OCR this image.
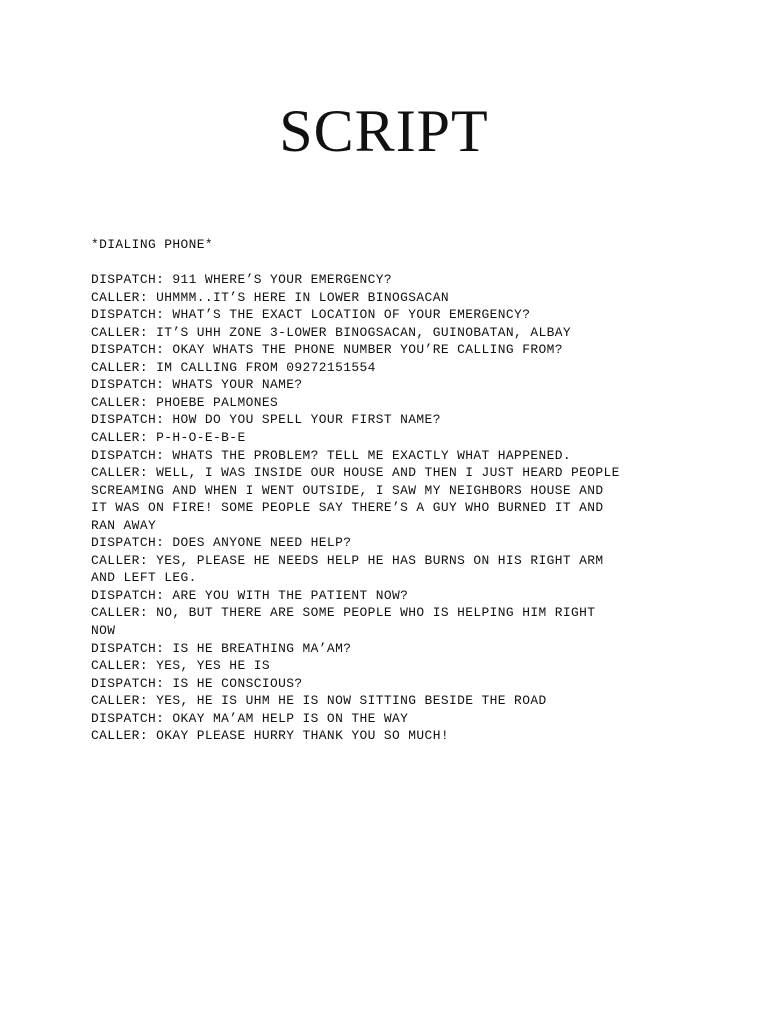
SCRIPT
*DIALING PHONE*
DISPATCH: 911 WHERE’S YOUR EMERGENCY?
CALLER: UHMMM..IT’S HERE IN LOWER BINOGSACAN
DISPATCH: WHAT’S THE EXACT LOCATION OF YOUR EMERGENCY?
CALLER: IT’S UHH ZONE 3-LOWER BINOGSACAN, GUINOBATAN, ALBAY
DISPATCH: OKAY WHATS THE PHONE NUMBER YOU’RE CALLING FROM?
CALLER: IM CALLING FROM 09272151554
DISPATCH: WHATS YOUR NAME?
CALLER: PHOEBE PALMONES
DISPATCH: HOW DO YOU SPELL YOUR FIRST NAME?
CALLER: P-H-O-E-B-E
DISPATCH: WHATS THE PROBLEM? TELL ME EXACTLY WHAT HAPPENED.
CALLER: WELL, I WAS INSIDE OUR HOUSE AND THEN I JUST HEARD PEOPLE
SCREAMING AND WHEN I WENT OUTSIDE, I SAW MY NEIGHBORS HOUSE AND
IT WAS ON FIRE! SOME PEOPLE SAY THERE’S A GUY WHO BURNED IT AND
RAN AWAY
DISPATCH: DOES ANYONE NEED HELP?
CALLER: YES, PLEASE HE NEEDS HELP HE HAS BURNS ON HIS RIGHT ARM
AND LEFT LEG.
DISPATCH: ARE YOU WITH THE PATIENT NOW?
CALLER: NO, BUT THERE ARE SOME PEOPLE WHO IS HELPING HIM RIGHT
NOW
DISPATCH: IS HE BREATHING MA’AM?
CALLER: YES, YES HE IS
DISPATCH: IS HE CONSCIOUS?
CALLER: YES, HE IS UHM HE IS NOW SITTING BESIDE THE ROAD
DISPATCH: OKAY MA’AM HELP IS ON THE WAY
CALLER: OKAY PLEASE HURRY THANK YOU SO MUCH!
